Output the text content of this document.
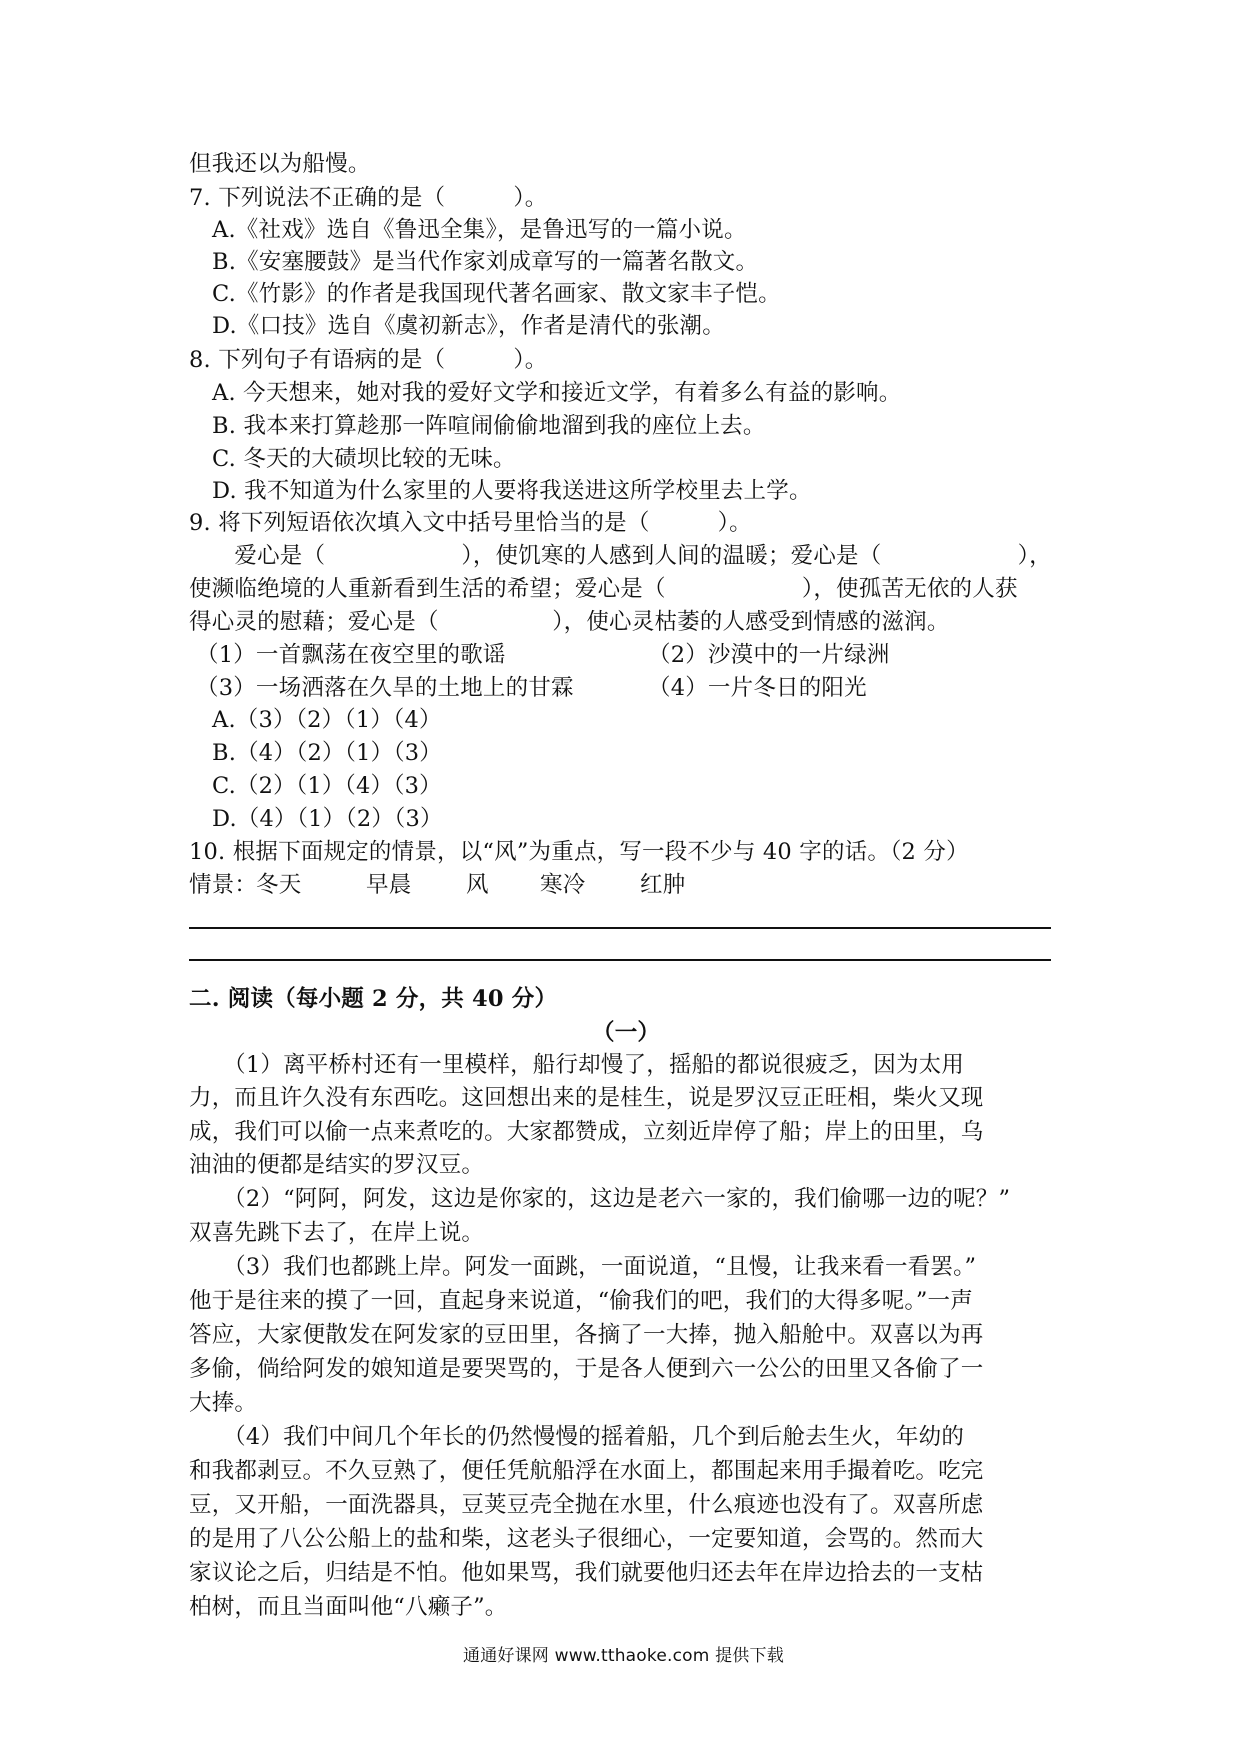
但我还以为船慢。
7. 下列说法不正确的是（　　　）。
A.《社戏》选自《鲁迅全集》，是鲁迅写的一篇小说。
B.《安塞腰鼓》是当代作家刘成章写的一篇著名散文。
C.《竹影》的作者是我国现代著名画家、散文家丰子恺。
D.《口技》选自《虞初新志》，作者是清代的张潮。
8. 下列句子有语病的是（　　　）。
A. 今天想来，她对我的爱好文学和接近文学，有着多么有益的影响。
B. 我本来打算趁那一阵喧闹偷偷地溜到我的座位上去。
C. 冬天的大碛坝比较的无味。
D. 我不知道为什么家里的人要将我送进这所学校里去上学。
9. 将下列短语依次填入文中括号里恰当的是（　　　）。
　　爱心是（　　　　　　），使饥寒的人感到人间的温暖；爱心是（　　　　　　），
使濒临绝境的人重新看到生活的希望；爱心是（　　　　　　），使孤苦无依的人获
得心灵的慰藉；爱心是（　　　　　），使心灵枯萎的人感受到情感的滋润。
（1）一首飘荡在夜空里的歌谣	（2）沙漠中的一片绿洲
（3）一场洒落在久旱的土地上的甘霖	（4）一片冬日的阳光
A.（3）（2）（1）（4）
B.（4）（2）（1）（3）
C.（2）（1）（4）（3）
D.（4）（1）（2）（3）
10. 根据下面规定的情景，以“风”为重点，写一段不少与 40 字的话。（2 分）
情景：
冬天	早晨 风 寒冷 红肿
二. 阅读（每小题 2 分，共 40 分）
（一）
　　（1）离平桥村还有一里模样，船行却慢了，摇船的都说很疲乏，因为太用
力，而且许久没有东西吃。这回想出来的是桂生，说是罗汉豆正旺相，柴火又现
成，我们可以偷一点来煮吃的。大家都赞成，立刻近岸停了船；岸上的田里，乌
油油的便都是结实的罗汉豆。
　　（2）“阿阿，阿发，这边是你家的，这边是老六一家的，我们偷哪一边的呢？”
双喜先跳下去了，在岸上说。
　　（3）我们也都跳上岸。阿发一面跳，一面说道，“且慢，让我来看一看罢。”
他于是往来的摸了一回，直起身来说道，“偷我们的吧，我们的大得多呢。”一声
答应，大家便散发在阿发家的豆田里，各摘了一大捧，抛入船舱中。双喜以为再
多偷，倘给阿发的娘知道是要哭骂的，于是各人便到六一公公的田里又各偷了一
大捧。
　　（4）我们中间几个年长的仍然慢慢的摇着船，几个到后舱去生火，年幼的
和我都剥豆。不久豆熟了，便任凭航船浮在水面上，都围起来用手撮着吃。吃完
豆，又开船，一面洗器具，豆荚豆壳全抛在水里，什么痕迹也没有了。双喜所虑
的是用了八公公船上的盐和柴，这老头子很细心，一定要知道，会骂的。然而大
家议论之后，归结是不怕。他如果骂，我们就要他归还去年在岸边拾去的一支枯
柏树，而且当面叫他“八癞子”。
通通好课网 www.tthaoke.com 提供下载
